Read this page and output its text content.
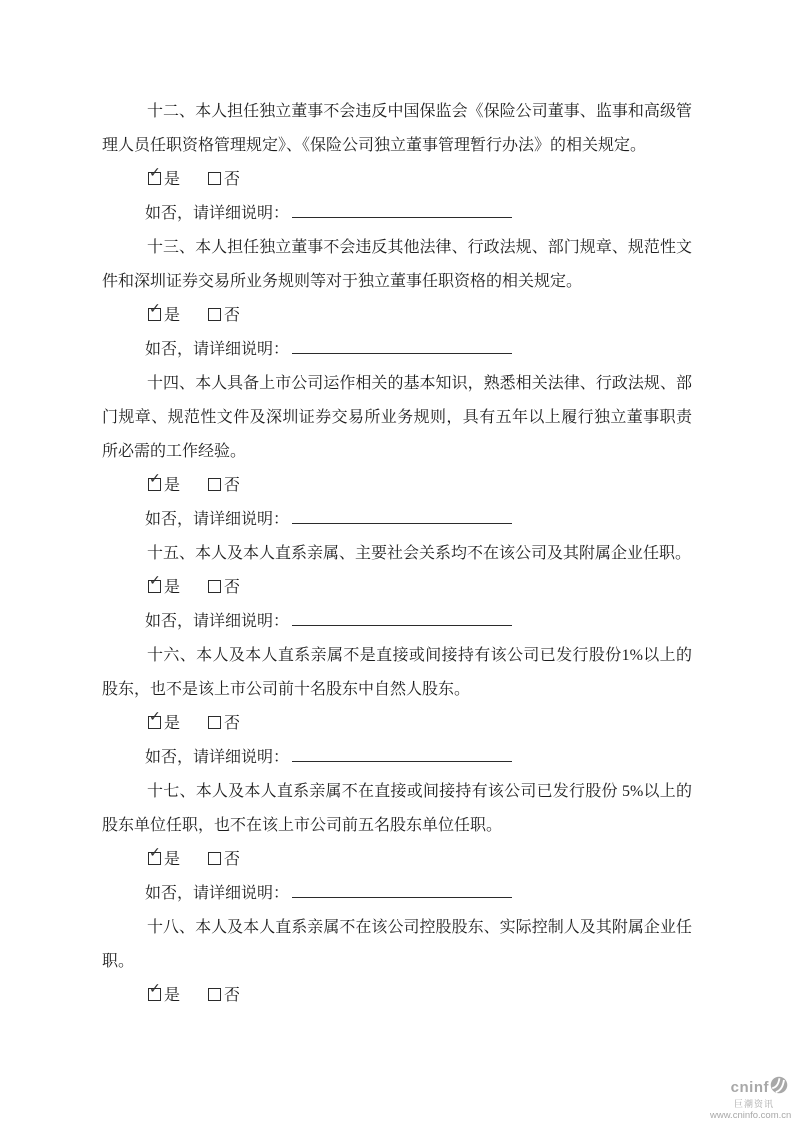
十二、本人担任独立董事不会违反中国保监会《保险公司董事、监事和高级管理人员任职资格管理规定》、《保险公司独立董事管理暂行办法》的相关规定。

✓ 是	否

如否，请详细说明：

十三、本人担任独立董事不会违反其他法律、行政法规、部门规章、规范性文件和深圳证券交易所业务规则等对于独立董事任职资格的相关规定。

✓ 是	否

如否，请详细说明：

十四、本人具备上市公司运作相关的基本知识，熟悉相关法律、行政法规、部门规章、规范性文件及深圳证券交易所业务规则，具有五年以上履行独立董事职责所必需的工作经验。

✓ 是	否

如否，请详细说明：

十五、本人及本人直系亲属、主要社会关系均不在该公司及其附属企业任职。

✓ 是	否

如否，请详细说明：

十六、本人及本人直系亲属不是直接或间接持有该公司已发行股份1%以上的股东，也不是该上市公司前十名股东中自然人股东。

✓ 是	否

如否，请详细说明：

十七、本人及本人直系亲属不在直接或间接持有该公司已发行股份 5%以上的股东单位任职，也不在该上市公司前五名股东单位任职。

✓ 是	否

如否，请详细说明：

十八、本人及本人直系亲属不在该公司控股股东、实际控制人及其附属企业任职。

✓ 是	否

cninf
巨潮资讯
www.cninfo.com.cn
